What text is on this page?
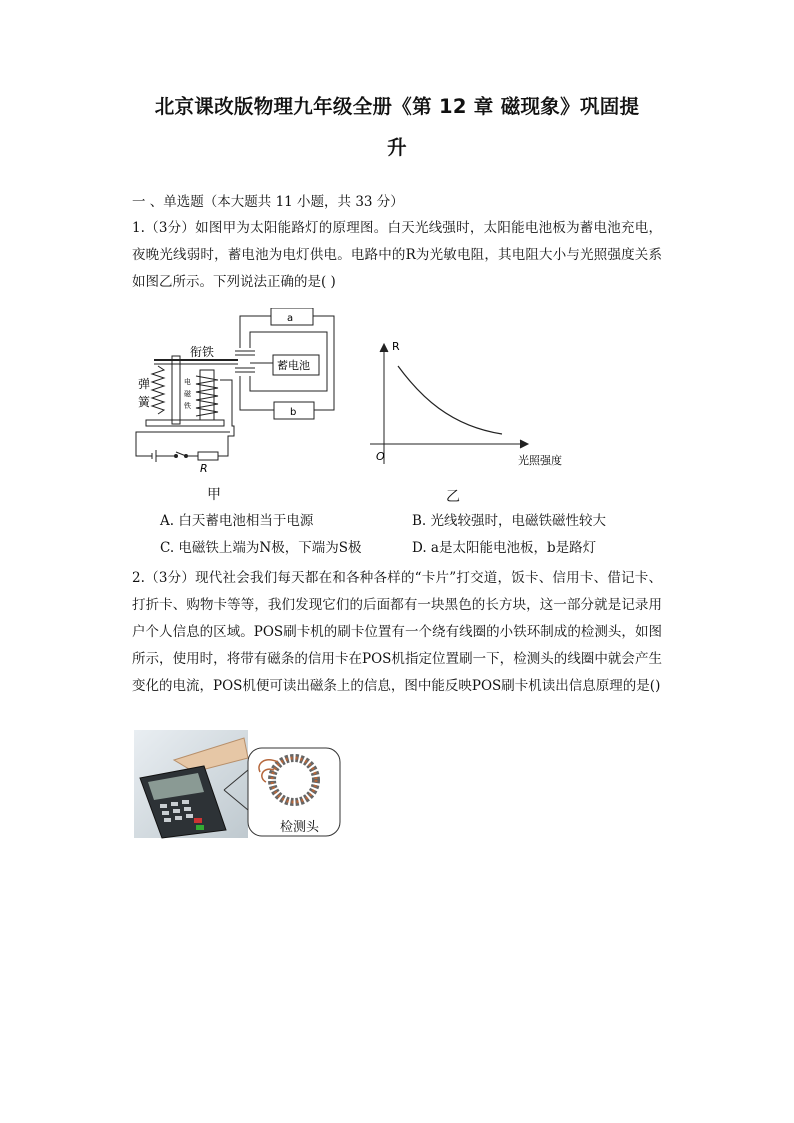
北京课改版物理九年级全册《第 12 章 磁现象》巩固提
升
一 、单选题（本大题共 11 小题，共 33 分）
1.（3分）如图甲为太阳能路灯的原理图。白天光线强时，太阳能电池板为蓄电池充电，夜晚光线弱时，蓄电池为电灯供电。电路中的R为光敏电阻，其电阻大小与光照强度关系如图乙所示。下列说法正确的是( )
a
b
蓄电池
衔铁
弹
簧
电
磁
铁
R
甲
R
O	光照强度
乙
A. 白天蓄电池相当于电源	B. 光线较强时，电磁铁磁性较大
C. 电磁铁上端为N极，下端为S极	D. a是太阳能电池板，b是路灯
2.（3分）现代社会我们每天都在和各种各样的“卡片”打交道，饭卡、信用卡、借记卡、打折卡、购物卡等等，我们发现它们的后面都有一块黑色的长方块，这一部分就是记录用户个人信息的区域。POS刷卡机的刷卡位置有一个绕有线圈的小铁环制成的检测头，如图所示，使用时，将带有磁条的信用卡在POS机指定位置刷一下，检测头的线圈中就会产生变化的电流，POS机便可读出磁条上的信息，图中能反映POS刷卡机读出信息原理的是()
检测头
